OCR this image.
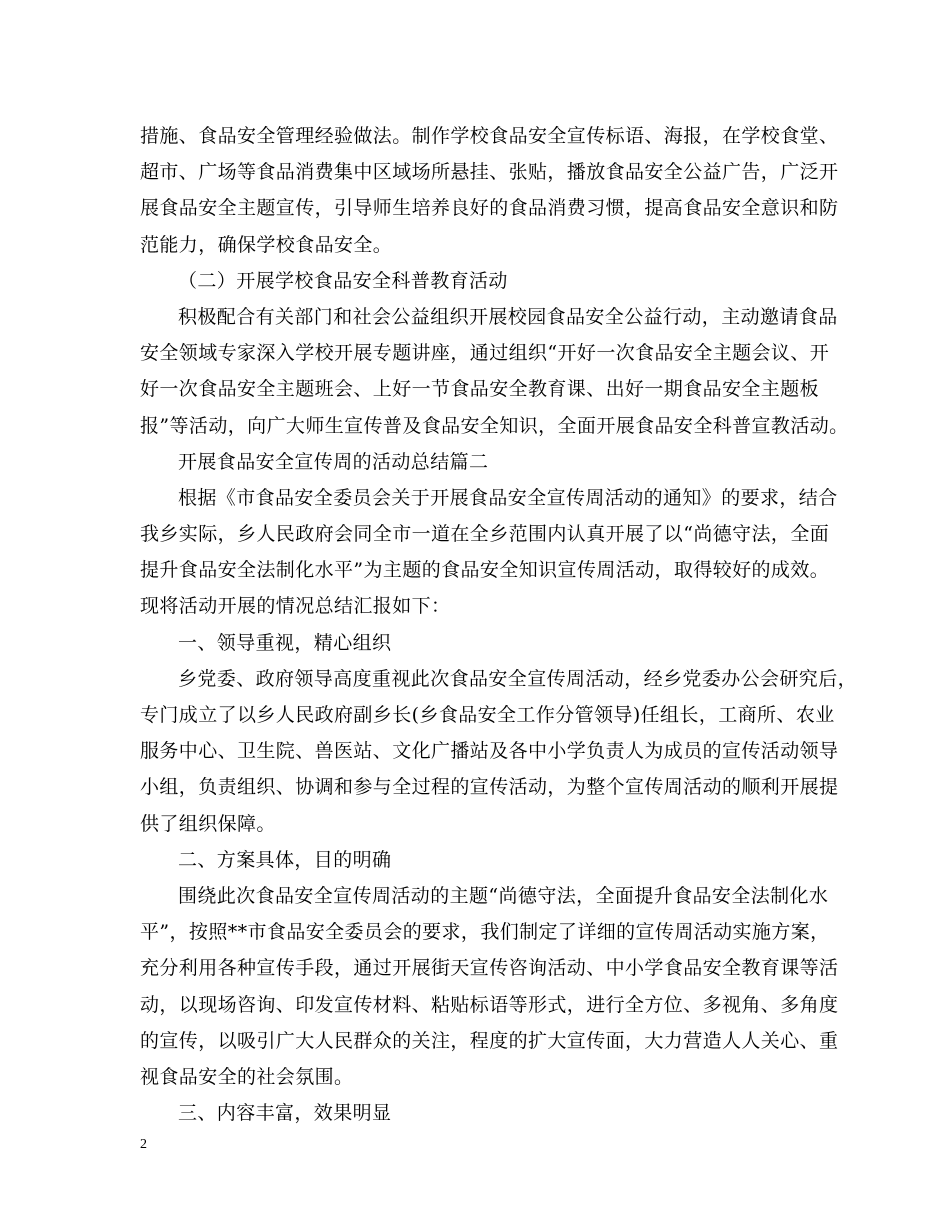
措施、食品安全管理经验做法。制作学校食品安全宣传标语、海报，在学校食堂、
超市、广场等食品消费集中区域场所悬挂、张贴，播放食品安全公益广告，广泛开
展食品安全主题宣传，引导师生培养良好的食品消费习惯，提高食品安全意识和防
范能力，确保学校食品安全。
（二）开展学校食品安全科普教育活动
积极配合有关部门和社会公益组织开展校园食品安全公益行动，主动邀请食品
安全领域专家深入学校开展专题讲座，通过组织“开好一次食品安全主题会议、开
好一次食品安全主题班会、上好一节食品安全教育课、出好一期食品安全主题板
报”等活动，向广大师生宣传普及食品安全知识，全面开展食品安全科普宣教活动。
开展食品安全宣传周的活动总结篇二
根据《市食品安全委员会关于开展食品安全宣传周活动的通知》的要求，结合
我乡实际，乡人民政府会同全市一道在全乡范围内认真开展了以“尚德守法，全面
提升食品安全法制化水平”为主题的食品安全知识宣传周活动，取得较好的成效。
现将活动开展的情况总结汇报如下：
一、领导重视，精心组织
乡党委、政府领导高度重视此次食品安全宣传周活动，经乡党委办公会研究后，
专门成立了以乡人民政府副乡长(乡食品安全工作分管领导)任组长，工商所、农业
服务中心、卫生院、兽医站、文化广播站及各中小学负责人为成员的宣传活动领导
小组，负责组织、协调和参与全过程的宣传活动，为整个宣传周活动的顺利开展提
供了组织保障。
二、方案具体，目的明确
围绕此次食品安全宣传周活动的主题“尚德守法，全面提升食品安全法制化水
平”，按照**市食品安全委员会的要求，我们制定了详细的宣传周活动实施方案，
充分利用各种宣传手段，通过开展街天宣传咨询活动、中小学食品安全教育课等活
动，以现场咨询、印发宣传材料、粘贴标语等形式，进行全方位、多视角、多角度
的宣传，以吸引广大人民群众的关注，程度的扩大宣传面，大力营造人人关心、重
视食品安全的社会氛围。
三、内容丰富，效果明显
2
